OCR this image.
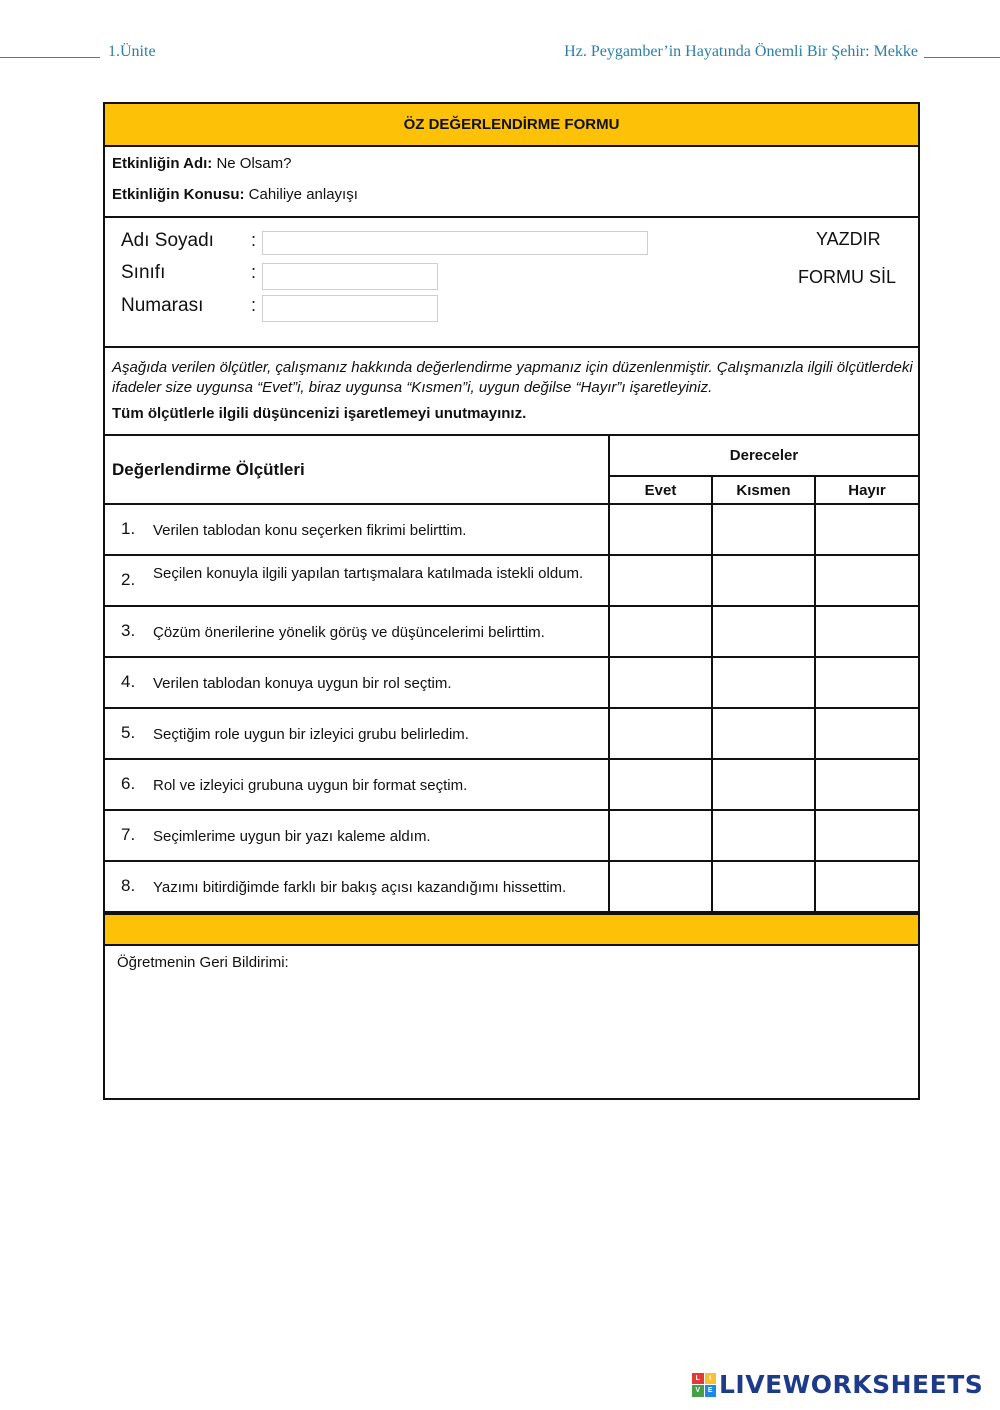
1.Ünite	Hz. Peygamber’in Hayatında Önemli Bir Şehir: Mekke
ÖZ DEĞERLENDİRME FORMU

Etkinliğin Adı: Ne Olsam?

Etkinliğin Konusu: Cahiliye anlayışı

Adı Soyadı :
Sınıfı	:
Numarası	:
YAZDIR
FORMU SİL
Aşağıda verilen ölçütler, çalışmanız hakkında değerlendirme yapmanız için düzenlenmiştir. Çalışmanızla ilgili ölçütlerdeki ifadeler size uygunsa “Evet”i, biraz uygunsa “Kısmen”i, uygun değilse “Hayır”ı işaretleyiniz.
Tüm ölçütlerle ilgili düşüncenizi işaretlemeyi unutmayınız.
Değerlendirme Ölçütleri	Dereceler		
	Evet	Kısmen	Hayır

1. Verilen tablodan konu seçerken fikrimi belirttim.			

2. Seçilen konuyla ilgili yapılan tartışmalara katılmada istekli oldum.			

3. Çözüm önerilerine yönelik görüş ve düşüncelerimi belirttim.			

4. Verilen tablodan konuya uygun bir rol seçtim.			

5. Seçtiğim role uygun bir izleyici grubu belirledim.			

6. Rol ve izleyici grubuna uygun bir format seçtim.			

7. Seçimlerime uygun bir yazı kaleme aldım.			

8. Yazımı bitirdiğimde farklı bir bakış açısı kazandığımı hissettim.			

Öğretmenin Geri Bildirimi:
L	I
V	E LIVEWORKSHEETS
